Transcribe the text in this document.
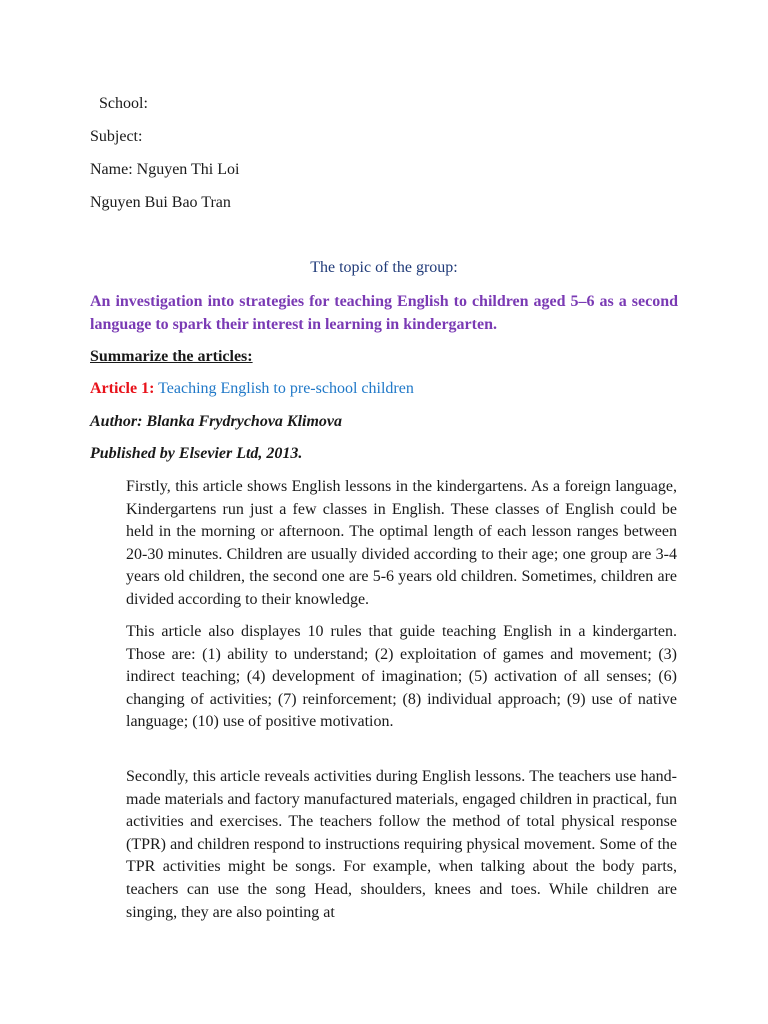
School:
Subject:
Name: Nguyen Thi Loi
Nguyen Bui Bao Tran
The topic of the group:
An investigation into strategies for teaching English to children aged 5–6 as a second language to spark their interest in learning in kindergarten.
Summarize the articles:
Article 1: Teaching English to pre-school children
Author: Blanka Frydrychova Klimova
Published by Elsevier Ltd, 2013.
Firstly, this article shows English lessons in the kindergartens. As a foreign language, Kindergartens run just a few classes in English. These classes of English could be held in the morning or afternoon. The optimal length of each lesson ranges between 20-30 minutes. Children are usually divided according to their age; one group are 3-4 years old children, the second one are 5-6 years old children. Sometimes, children are divided according to their knowledge.
This article also displayes 10 rules that guide teaching English in a kindergarten. Those are: (1) ability to understand; (2) exploitation of games and movement; (3) indirect teaching; (4) development of imagination; (5) activation of all senses; (6) changing of activities; (7) reinforcement; (8) individual approach; (9) use of native language; (10) use of positive motivation.
Secondly, this article reveals activities during English lessons. The teachers use hand-made materials and factory manufactured materials, engaged children in practical, fun activities and exercises. The teachers follow the method of total physical response (TPR) and children respond to instructions requiring physical movement. Some of the TPR activities might be songs. For example, when talking about the body parts, teachers can use the song Head, shoulders, knees and toes. While children are singing, they are also pointing at
